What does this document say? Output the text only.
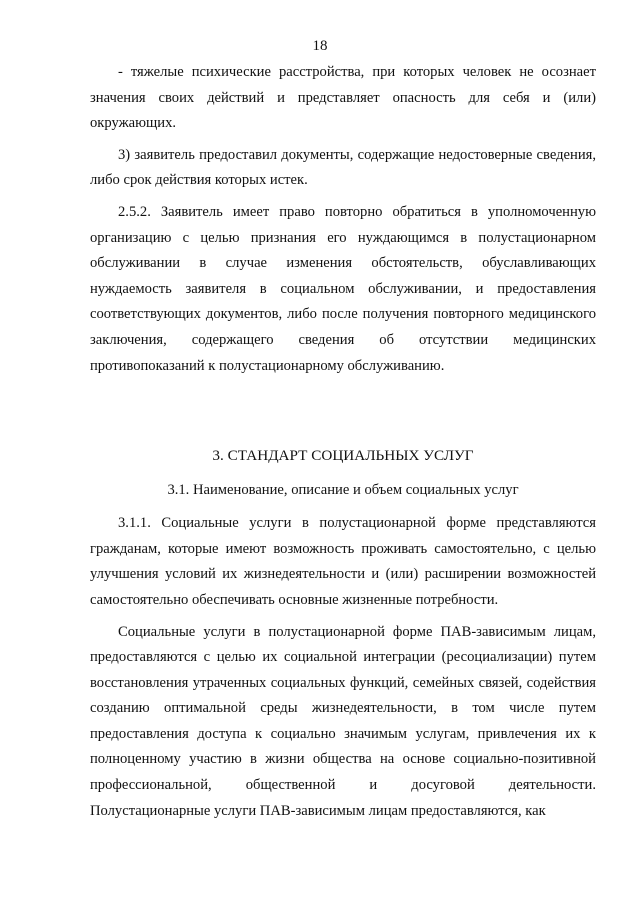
18

- тяжелые психические расстройства, при которых человек не осознает значения своих действий и представляет опасность для себя и (или) окружающих.

3) заявитель предоставил документы, содержащие недостоверные сведения, либо срок действия которых истек.

2.5.2. Заявитель имеет право повторно обратиться в уполномоченную организацию с целью признания его нуждающимся в полустационарном обслуживании в случае изменения обстоятельств, обуславливающих нуждаемость заявителя в социальном обслуживании, и предоставления соответствующих документов, либо после получения повторного медицинского заключения, содержащего сведения об отсутствии медицинских противопоказаний к полустационарному обслуживанию.

3. СТАНДАРТ СОЦИАЛЬНЫХ УСЛУГ
3.1. Наименование, описание и объем социальных услуг

3.1.1. Социальные услуги в полустационарной форме представляются гражданам, которые имеют возможность проживать самостоятельно, с целью улучшения условий их жизнедеятельности и (или) расширении возможностей самостоятельно обеспечивать основные жизненные потребности.

Социальные услуги в полустационарной форме ПАВ-зависимым лицам, предоставляются с целью их социальной интеграции (ресоциализации) путем восстановления утраченных социальных функций, семейных связей, содействия созданию оптимальной среды жизнедеятельности, в том числе путем предоставления доступа к социально значимым услугам, привлечения их к полноценному участию в жизни общества на основе социально-позитивной профессиональной, общественной и досуговой деятельности. Полустационарные услуги ПАВ-зависимым лицам предоставляются, как
